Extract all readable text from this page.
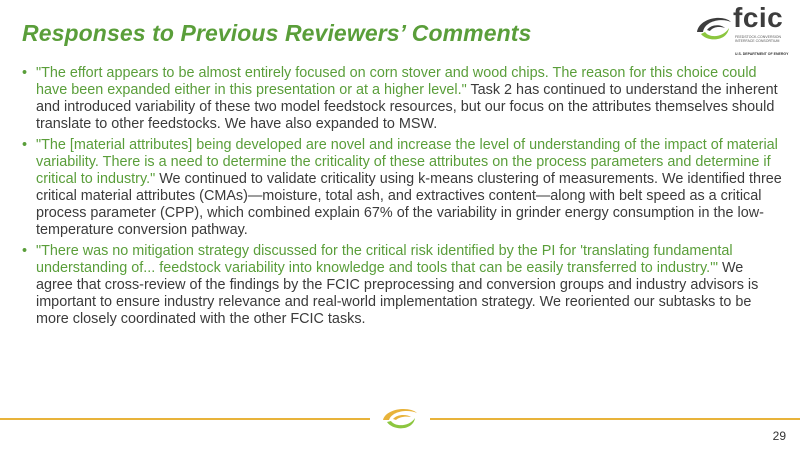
Responses to Previous Reviewers’ Comments	fcic
FEEDSTOCK-CONVERSION INTERFACE CONSORTIUM
U.S. DEPARTMENT OF ENERGY
• "The effort appears to be almost entirely focused on corn stover and wood chips. The reason for this choice could have been expanded either in this presentation or at a higher level." Task 2 has continued to understand the inherent and introduced variability of these two model feedstock resources, but our focus on the attributes themselves should translate to other feedstocks. We have also expanded to MSW.
• "The [material attributes] being developed are novel and increase the level of understanding of the impact of material variability. There is a need to determine the criticality of these attributes on the process parameters and determine if critical to industry." We continued to validate criticality using k-means clustering of measurements. We identified three critical material attributes (CMAs)—moisture, total ash, and extractives content—along with belt speed as a critical process parameter (CPP), which combined explain 67% of the variability in grinder energy consumption in the low-temperature conversion pathway.
• "There was no mitigation strategy discussed for the critical risk identified by the PI for 'translating fundamental understanding of... feedstock variability into knowledge and tools that can be easily transferred to industry.'" We agree that cross-review of the findings by the FCIC preprocessing and conversion groups and industry advisors is important to ensure industry relevance and real-world implementation strategy. We reoriented our subtasks to be more closely coordinated with the other FCIC tasks.
29
